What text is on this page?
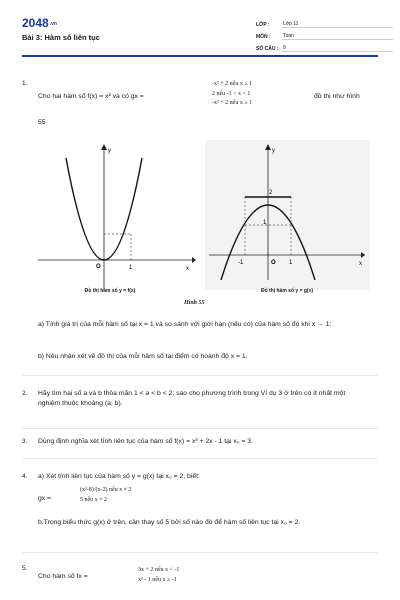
2048.vn
Bài 3: Hàm số liên tục
LỚP :	Lớp 11
MÔN :	Toán
SỐ CÂU : 9
1.
Cho hai hàm số f(x) = x² và có gx =
-x² + 2 nếu x ≤ 1
2 nếu -1 < x < 1
-x² + 2 nếu x ≥ 1
đồ thị như hình
55
y
x
O	1
Đồ thị hàm số y = f(x)
y
x
O
-1	1
2
1
Đồ thị hàm số y = g(x)
Hình 55
a) Tính giá trị của mỗi hàm số tại x = 1 và so sánh với giới hạn (nếu có) của hàm số đó khi x → 1;
b) Nêu nhận xét về đồ thị của mỗi hàm số tại điểm có hoành độ x = 1.
2. Hãy tìm hai số a và b thỏa mãn 1 < a < b < 2, sao cho phương trình trong Ví dụ 3 ở trên có ít nhất một nghiệm thuộc khoảng (a; b).
3. Dùng định nghĩa xét tính liên tục của hàm số f(x) = x³ + 2x - 1 tại x₀ = 3.
4. a) Xét tính liên tục của hàm số y = g(x) tại x₀ = 2, biết:
gx =
(x³-8)/(x-2) nếu x ≠ 2
5 nếu x = 2
b.Trong biểu thức g(x) ở trên, cần thay số 5 bởi số nào đó để hàm số liên tục tại x₀ = 2.
5.
Cho hàm số fx =
3x + 2 nếu x < -1
x² - 1 nếu x ≥ -1
